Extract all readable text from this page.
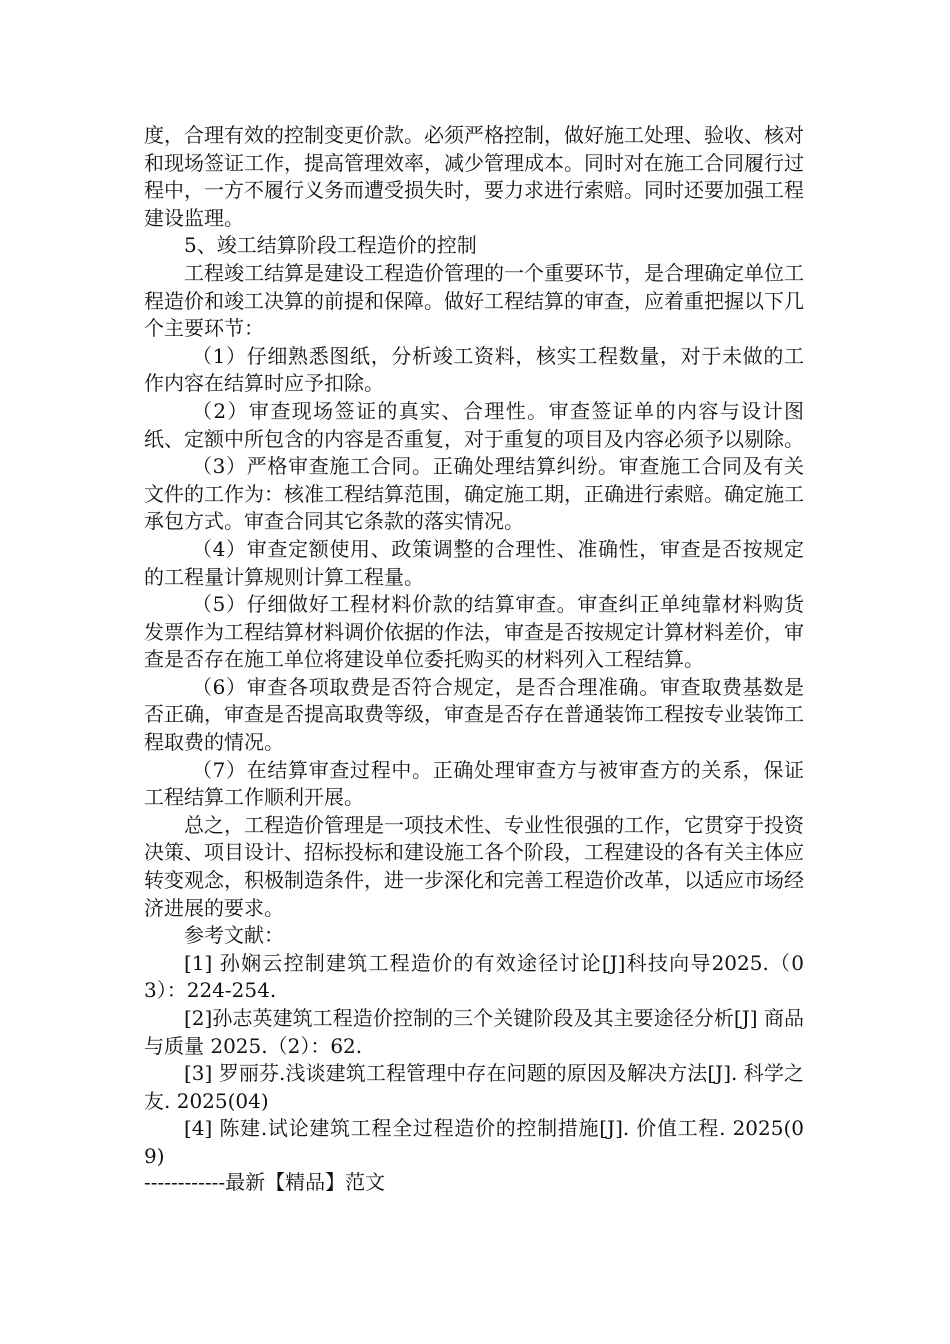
度，合理有效的控制变更价款。必须严格控制，做好施工处理、验收、核对和现场签证工作，提高管理效率，减少管理成本。同时对在施工合同履行过程中，一方不履行义务而遭受损失时，要力求进行索赔。同时还要加强工程建设监理。

5、竣工结算阶段工程造价的控制

工程竣工结算是建设工程造价管理的一个重要环节，是合理确定单位工程造价和竣工决算的前提和保障。做好工程结算的审查，应着重把握以下几个主要环节：

（1）仔细熟悉图纸，分析竣工资料，核实工程数量，对于未做的工作内容在结算时应予扣除。

（2）审查现场签证的真实、合理性。审查签证单的内容与设计图纸、定额中所包含的内容是否重复，对于重复的项目及内容必须予以剔除。

（3）严格审查施工合同。正确处理结算纠纷。审查施工合同及有关文件的工作为：核准工程结算范围，确定施工期，正确进行索赔。确定施工承包方式。审查合同其它条款的落实情况。

（4）审查定额使用、政策调整的合理性、准确性，审查是否按规定的工程量计算规则计算工程量。

（5）仔细做好工程材料价款的结算审查。审查纠正单纯靠材料购货发票作为工程结算材料调价依据的作法，审查是否按规定计算材料差价，审查是否存在施工单位将建设单位委托购买的材料列入工程结算。

（6）审查各项取费是否符合规定，是否合理准确。审查取费基数是否正确，审查是否提高取费等级，审查是否存在普通装饰工程按专业装饰工程取费的情况。

（7）在结算审查过程中。正确处理审查方与被审查方的关系，保证工程结算工作顺利开展。

总之，工程造价管理是一项技术性、专业性很强的工作，它贯穿于投资决策、项目设计、招标投标和建设施工各个阶段，工程建设的各有关主体应转变观念，积极制造条件，进一步深化和完善工程造价改革，以适应市场经济进展的要求。

参考文献：

[1] 孙娴云控制建筑工程造价的有效途径讨论[J]科技向导2025.（03）：224-254.

[2]孙志英建筑工程造价控制的三个关键阶段及其主要途径分析[J] 商品与质量 2025.（2）：62.

[3] 罗丽芬.浅谈建筑工程管理中存在问题的原因及解决方法[J]. 科学之友. 2025(04)

[4] 陈建.试论建筑工程全过程造价的控制措施[J]. 价值工程. 2025(09)

------------最新【精品】范文
